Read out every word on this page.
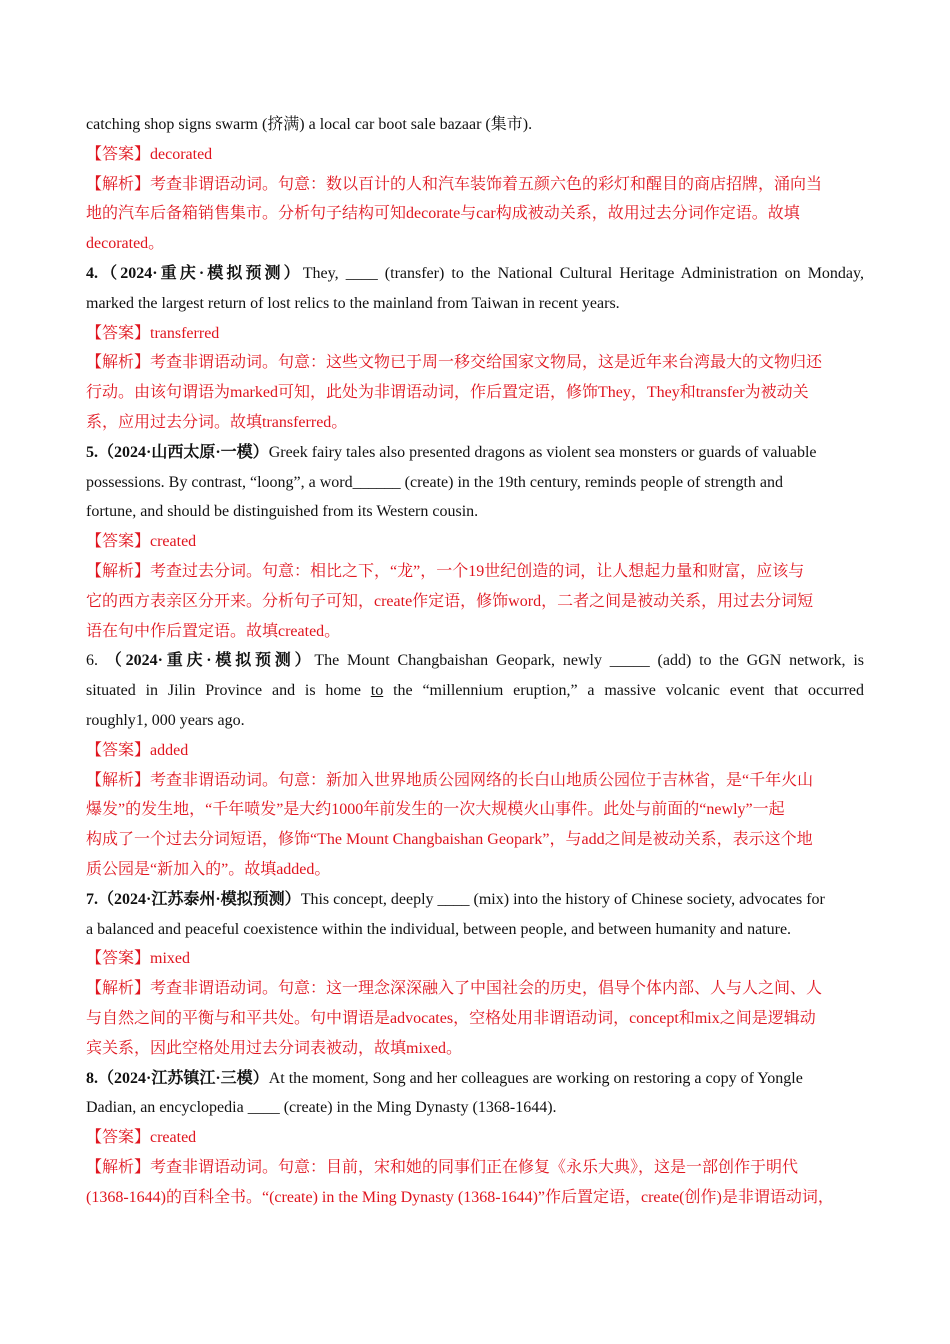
catching shop signs swarm (挤满) a local car boot sale bazaar (集市).
【答案】decorated
【解析】考查非谓语动词。句意：数以百计的人和汽车装饰着五颜六色的彩灯和醒目的商店招牌，涌向当
地的汽车后备箱销售集市。分析句子结构可知decorate与car构成被动关系，故用过去分词作定语。故填
decorated。
4.（2024·重庆·模拟预测）They, ____ (transfer) to the National Cultural Heritage Administration on Monday,
marked the largest return of lost relics to the mainland from Taiwan in recent years.
【答案】transferred
【解析】考查非谓语动词。句意：这些文物已于周一移交给国家文物局，这是近年来台湾最大的文物归还
行动。由该句谓语为marked可知，此处为非谓语动词，作后置定语，修饰They，They和transfer为被动关
系，应用过去分词。故填transferred。
5.（2024·山西太原·一模）Greek fairy tales also presented dragons as violent sea monsters or guards of valuable
possessions. By contrast, “loong”, a word______ (create) in the 19th century, reminds people of strength and
fortune, and should be distinguished from its Western cousin.
【答案】created
【解析】考查过去分词。句意：相比之下，“龙”，一个19世纪创造的词，让人想起力量和财富，应该与
它的西方表亲区分开来。分析句子可知，create作定语，修饰word，二者之间是被动关系，用过去分词短
语在句中作后置定语。故填created。
6. （2024·重庆·模拟预测）The Mount Changbaishan Geopark, newly _____ (add) to the GGN network, is
situated in Jilin Province and is home to the “millennium eruption,” a massive volcanic event that occurred
roughly1, 000 years ago.
【答案】added
【解析】考查非谓语动词。句意：新加入世界地质公园网络的长白山地质公园位于吉林省，是“千年火山
爆发”的发生地，“千年喷发”是大约1000年前发生的一次大规模火山事件。此处与前面的“newly”一起
构成了一个过去分词短语，修饰“The Mount Changbaishan Geopark”，与add之间是被动关系，表示这个地
质公园是“新加入的”。故填added。
7.（2024·江苏泰州·模拟预测）This concept, deeply ____ (mix) into the history of Chinese society, advocates for
a balanced and peaceful coexistence within the individual, between people, and between humanity and nature.
【答案】mixed
【解析】考查非谓语动词。句意：这一理念深深融入了中国社会的历史，倡导个体内部、人与人之间、人
与自然之间的平衡与和平共处。句中谓语是advocates，空格处用非谓语动词，concept和mix之间是逻辑动
宾关系，因此空格处用过去分词表被动，故填mixed。
8.（2024·江苏镇江·三模）At the moment, Song and her colleagues are working on restoring a copy of Yongle
Dadian, an encyclopedia ____ (create) in the Ming Dynasty (1368-1644).
【答案】created
【解析】考查非谓语动词。句意：目前，宋和她的同事们正在修复《永乐大典》，这是一部创作于明代
(1368-1644)的百科全书。“(create) in the Ming Dynasty (1368-1644)”作后置定语，create(创作)是非谓语动词，
